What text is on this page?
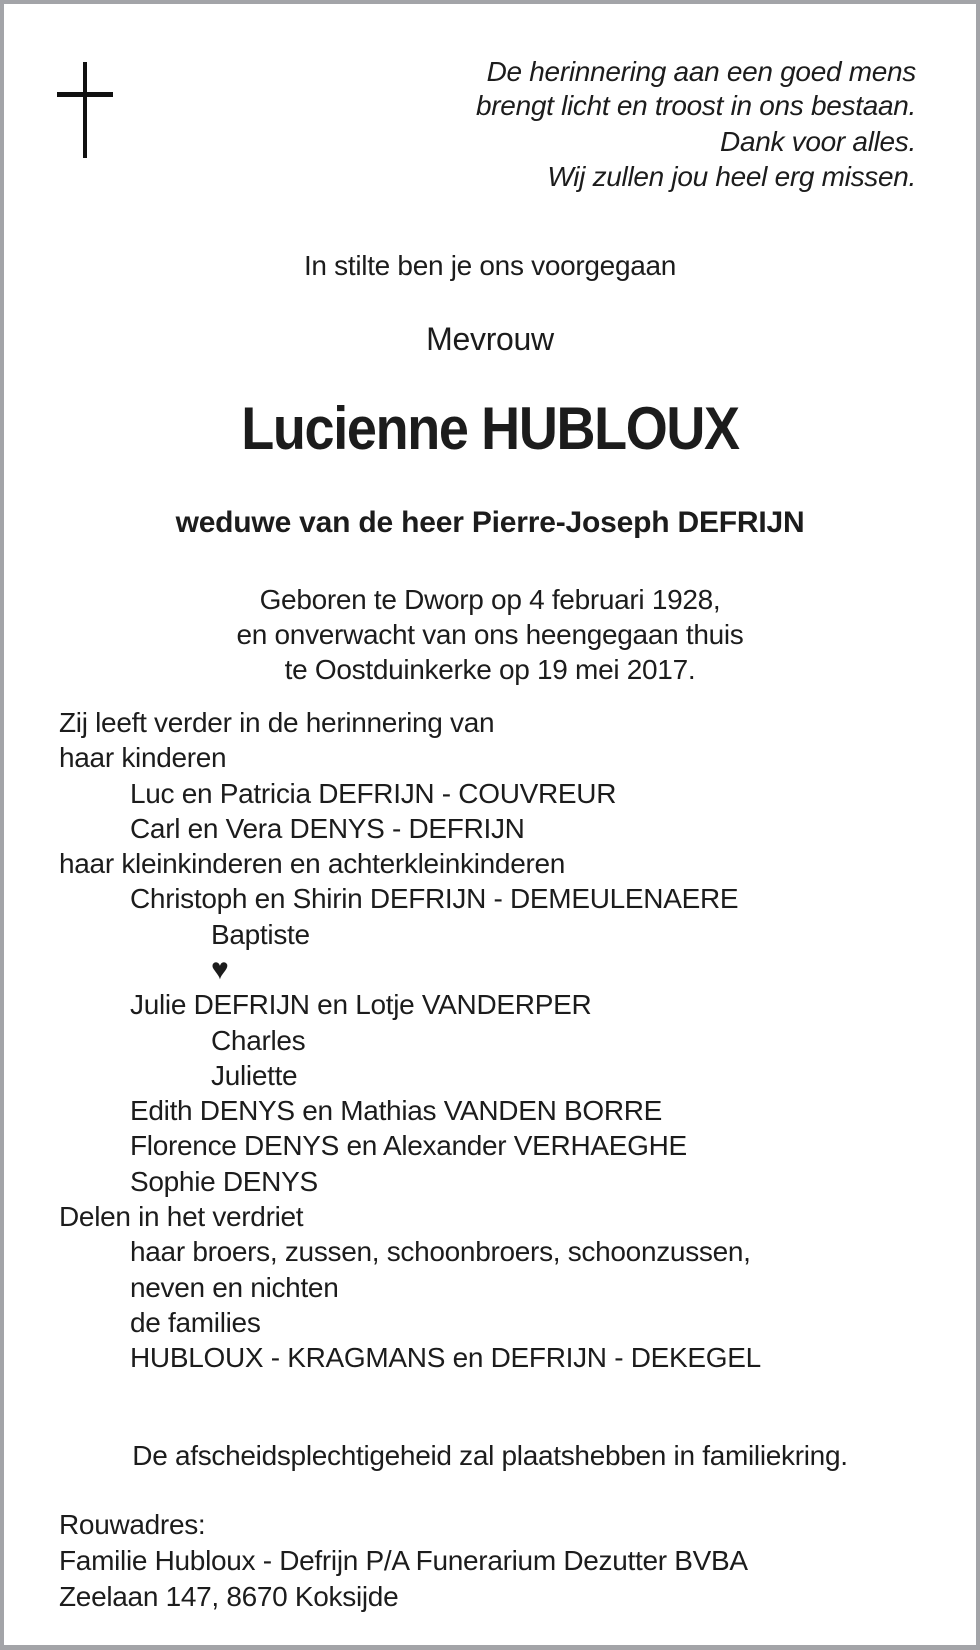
De herinnering aan een goed mens
brengt licht en troost in ons bestaan.
Dank voor alles.
Wij zullen jou heel erg missen.
In stilte ben je ons voorgegaan
Mevrouw
Lucienne HUBLOUX
weduwe van de heer Pierre-Joseph DEFRIJN
Geboren te Dworp op 4 februari 1928,
en onverwacht van ons heengegaan thuis
te Oostduinkerke op 19 mei 2017.
Zij leeft verder in de herinnering van
haar kinderen
Luc en Patricia DEFRIJN - COUVREUR
Carl en Vera DENYS - DEFRIJN
haar kleinkinderen en achterkleinkinderen
Christoph en Shirin DEFRIJN - DEMEULENAERE
Baptiste
♥
Julie DEFRIJN en Lotje VANDERPER
Charles
Juliette
Edith DENYS en Mathias VANDEN BORRE
Florence DENYS en Alexander VERHAEGHE
Sophie DENYS
Delen in het verdriet
haar broers, zussen, schoonbroers, schoonzussen,
neven en nichten
de families
HUBLOUX - KRAGMANS en DEFRIJN - DEKEGEL
De afscheidsplechtigeheid zal plaatshebben in familiekring.
Rouwadres:
Familie Hubloux - Defrijn P/A Funerarium Dezutter BVBA
Zeelaan 147, 8670 Koksijde
